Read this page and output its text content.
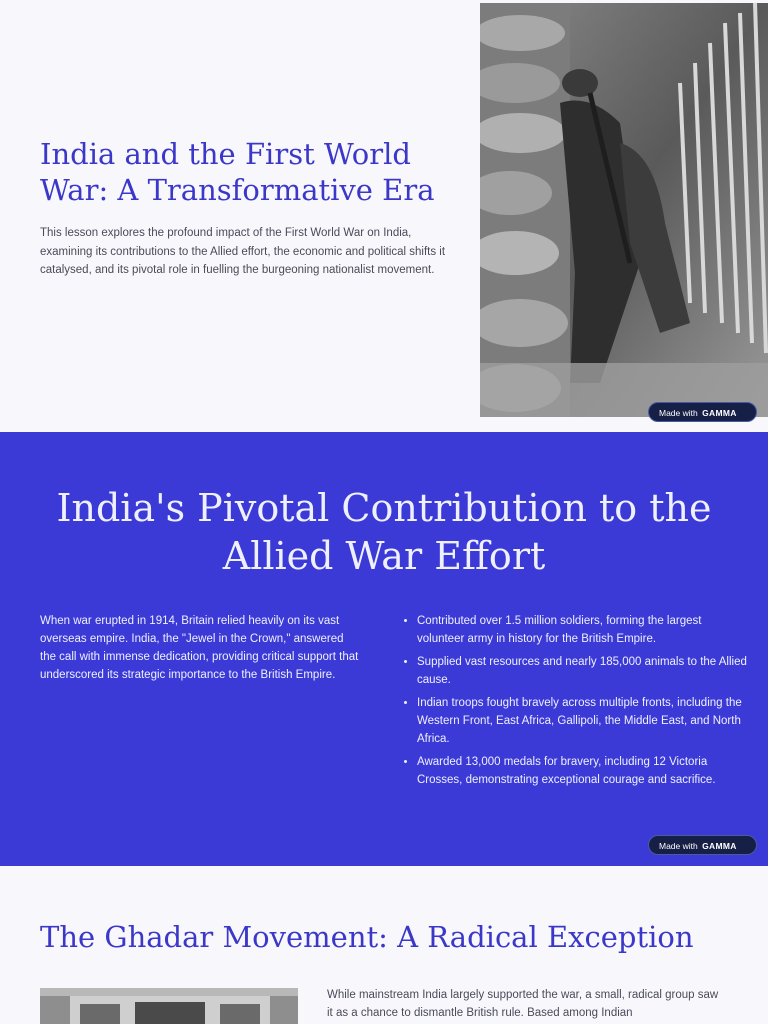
India and the First World War: A Transformative Era

This lesson explores the profound impact of the First World War on India, examining its contributions to the Allied effort, the economic and political shifts it catalysed, and its pivotal role in fuelling the burgeoning nationalist movement.

Made with GAMMA
India's Pivotal Contribution to the Allied War Effort

When war erupted in 1914, Britain relied heavily on its vast overseas empire. India, the "Jewel in the Crown," answered the call with immense dedication, providing critical support that underscored its strategic importance to the British Empire.

• Contributed over 1.5 million soldiers, forming the largest volunteer army in history for the British Empire.
• Supplied vast resources and nearly 185,000 animals to the Allied cause.
• Indian troops fought bravely across multiple fronts, including the Western Front, East Africa, Gallipoli, the Middle East, and North Africa.
• Awarded 13,000 medals for bravery, including 12 Victoria Crosses, demonstrating exceptional courage and sacrifice.
Made with GAMMA
The Ghadar Movement: A Radical Exception

While mainstream India largely supported the war, a small, radical group saw it as a chance to dismantle British rule. Based among Indian
